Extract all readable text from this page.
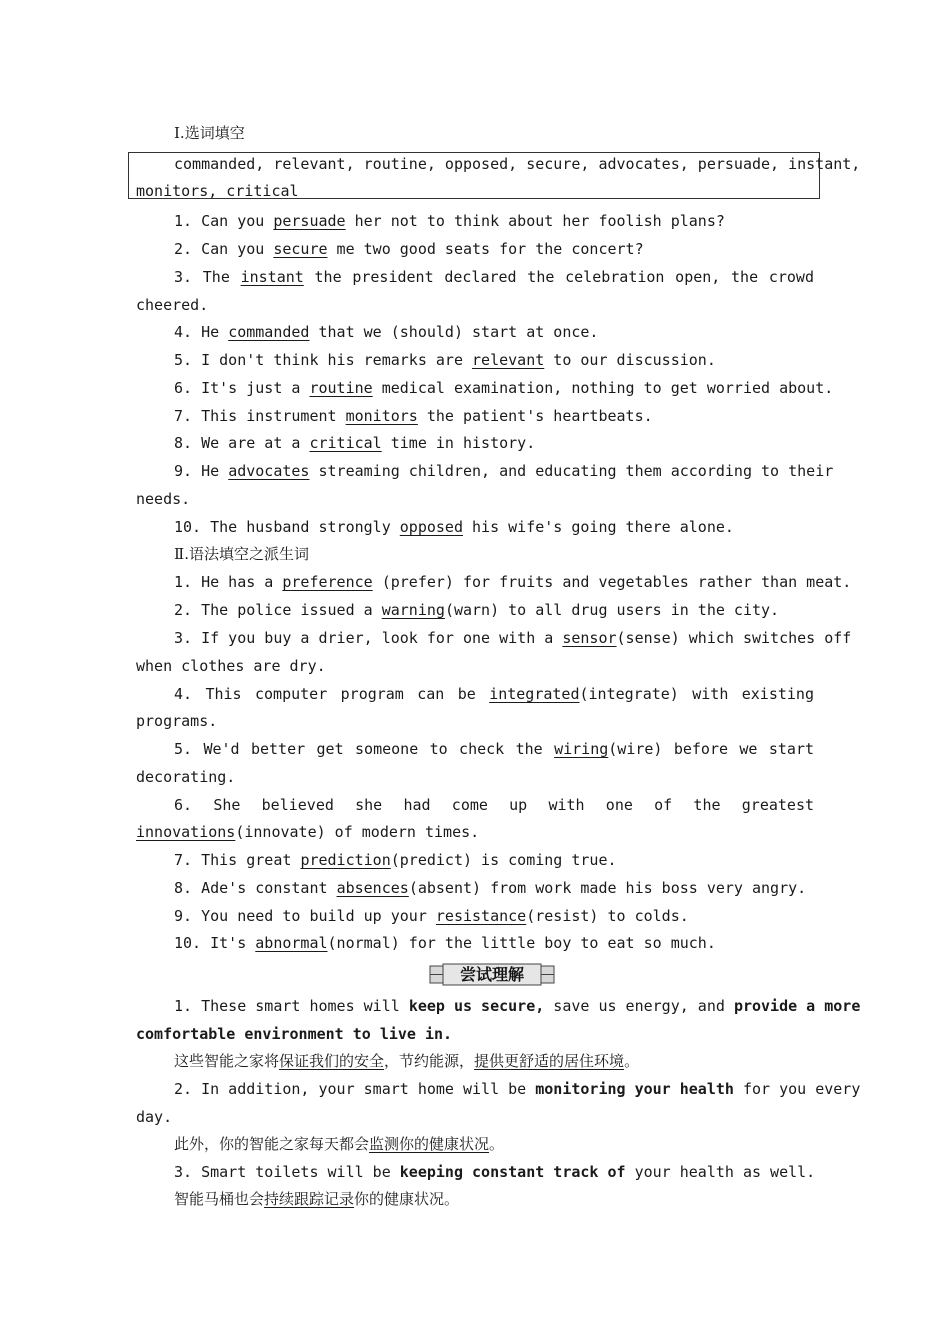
Ⅰ.选词填空
commanded, relevant, routine, opposed, secure, advocates, persuade, instant,
monitors, critical
1. Can you persuade her not to think about her foolish plans?
2. Can you secure me two good seats for the concert?
3. The instant the president declared the celebration open, the crowd
cheered.
4. He commanded that we (should) start at once.
5. I don't think his remarks are relevant to our discussion.
6. It's just a routine medical examination, nothing to get worried about.
7. This instrument monitors the patient's heartbeats.
8. We are at a critical time in history.
9. He advocates streaming children, and educating them according to their
needs.
10. The husband strongly opposed his wife's going there alone.
Ⅱ.语法填空之派生词
1. He has a preference (prefer) for fruits and vegetables rather than meat.
2. The police issued a warning(warn) to all drug users in the city.
3. If you buy a drier, look for one with a sensor(sense) which switches off
when clothes are dry.
4. This computer program can be integrated(integrate) with existing
programs.
5. We'd better get someone to check the wiring(wire) before we start
decorating.
6. She believed she had come up with one of the greatest
innovations(innovate) of modern times.
7. This great prediction(predict) is coming true.
8. Ade's constant absences(absent) from work made his boss very angry.
9. You need to build up your resistance(resist) to colds.
10. It's abnormal(normal) for the little boy to eat so much.
尝试理解
1. These smart homes will keep us secure, save us energy, and provide a more
comfortable environment to live in.
这些智能之家将保证我们的安全，节约能源，提供更舒适的居住环境。
2. In addition, your smart home will be monitoring your health for you every
day.
此外，你的智能之家每天都会监测你的健康状况。
3. Smart toilets will be keeping constant track of your health as well.
智能马桶也会持续跟踪记录你的健康状况。
